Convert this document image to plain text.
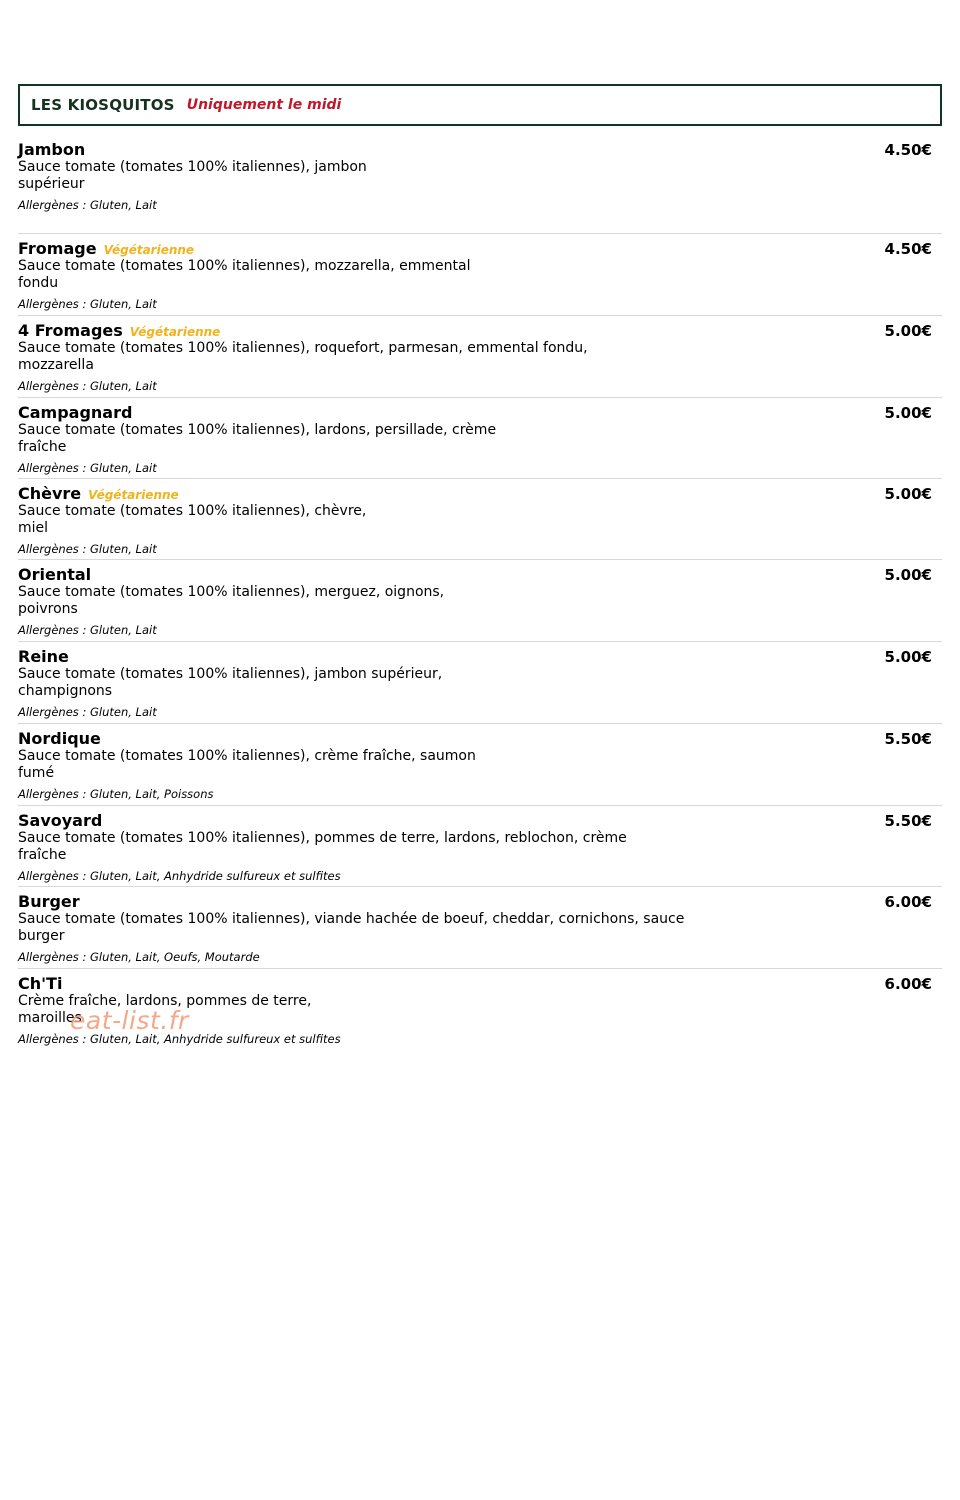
LES KIOSQUITOS Uniquement le midi
Jambon	4.50€
Sauce tomate (tomates 100% italiennes), jambon
supérieur
Allergènes : Gluten, Lait
Fromage Végétarienne	4.50€
Sauce tomate (tomates 100% italiennes), mozzarella, emmental
fondu
Allergènes : Gluten, Lait
4 Fromages Végétarienne	5.00€
Sauce tomate (tomates 100% italiennes), roquefort, parmesan, emmental fondu,
mozzarella
Allergènes : Gluten, Lait
Campagnard	5.00€
Sauce tomate (tomates 100% italiennes), lardons, persillade, crème
fraîche
Allergènes : Gluten, Lait
Chèvre Végétarienne	5.00€
Sauce tomate (tomates 100% italiennes), chèvre,
miel
Allergènes : Gluten, Lait
Oriental	5.00€
Sauce tomate (tomates 100% italiennes), merguez, oignons,
poivrons
Allergènes : Gluten, Lait
Reine	5.00€
Sauce tomate (tomates 100% italiennes), jambon supérieur,
champignons
Allergènes : Gluten, Lait
Nordique	5.50€
Sauce tomate (tomates 100% italiennes), crème fraîche, saumon
fumé
Allergènes : Gluten, Lait, Poissons
Savoyard	5.50€
Sauce tomate (tomates 100% italiennes), pommes de terre, lardons, reblochon, crème
fraîche
Allergènes : Gluten, Lait, Anhydride sulfureux et sulfites
Burger	6.00€
Sauce tomate (tomates 100% italiennes), viande hachée de boeuf, cheddar, cornichons, sauce
burger
Allergènes : Gluten, Lait, Oeufs, Moutarde
Ch'Ti	6.00€
Crème fraîche, lardons, pommes de terre,
maroilles
Allergènes : Gluten, Lait, Anhydride sulfureux et sulfites
eat-list.fr
